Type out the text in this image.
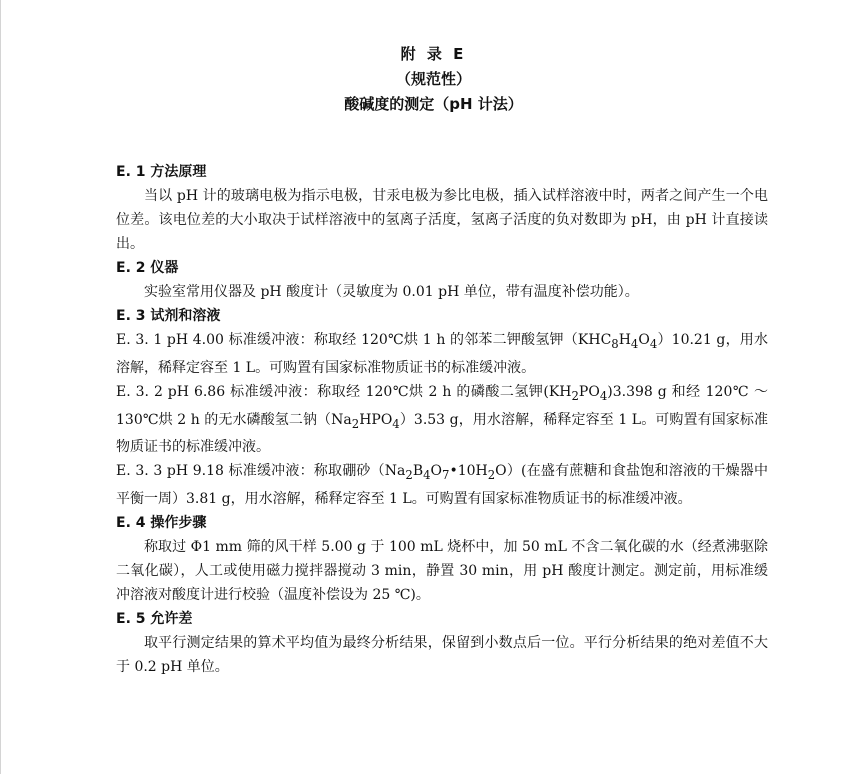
附 录 E
（规范性）
酸碱度的测定（pH 计法）
E. 1 方法原理
当以 pH 计的玻璃电极为指示电极，甘汞电极为参比电极，插入试样溶液中时，两者之间产生一个电位差。该电位差的大小取决于试样溶液中的氢离子活度，氢离子活度的负对数即为 pH，由 pH 计直接读出。
E. 2 仪器
实验室常用仪器及 pH 酸度计（灵敏度为 0.01 pH 单位，带有温度补偿功能）。
E. 3 试剂和溶液
E. 3. 1 pH 4.00 标准缓冲液：称取经 120℃烘 1 h 的邻苯二钾酸氢钾$(KHC_8H_4O_4)10.21$ g，用水溶解，稀释定容至 1 L。可购置有国家标准物质证书的标准缓冲液。
E. 3. 2 pH 6.86 标准缓冲液：称取经 120℃烘 2 h 的磷酸二氢钾$(KH_2PO_4)3.398$ g 和经 120℃ ～130℃烘 2 h 的无水磷酸氢二钠$(Na_2HPO_4)3.53$ g，用水溶解，稀释定容至 1 L。可购置有国家标准物质证书的标准缓冲液。
E. 3. 3 pH 9.18 标准缓冲液：称取硼砂$(Na_2B_4O_7•10H_2O)$(在盛有蔗糖和食盐饱和溶液的干燥器中平衡一周）3.81 g，用水溶解，稀释定容至 1 L。可购置有国家标准物质证书的标准缓冲液。
E. 4 操作步骤
称取过 Φ1 mm 筛的风干样 5.00 g 于 100 mL 烧杯中，加 50 mL 不含二氧化碳的水（经煮沸驱除二氧化碳），人工或使用磁力搅拌器搅动 3 min，静置 30 min，用 pH 酸度计测定。测定前，用标准缓冲溶液对酸度计进行校验（温度补偿设为 25 ℃)。
E. 5 允许差
取平行测定结果的算术平均值为最终分析结果，保留到小数点后一位。平行分析结果的绝对差值不大于 0.2 pH 单位。
